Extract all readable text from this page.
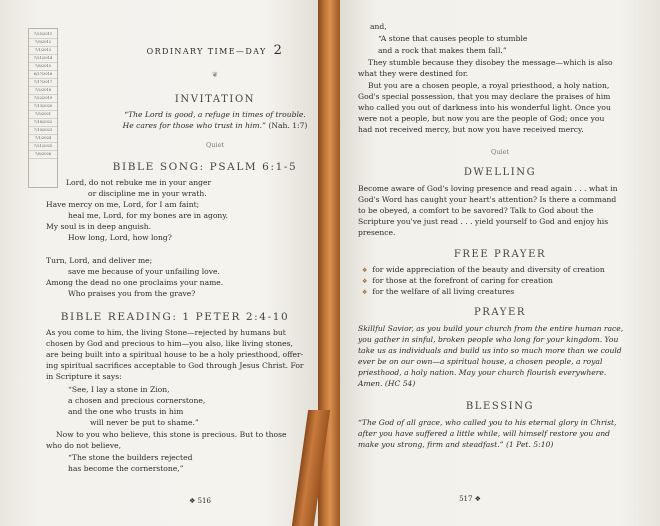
7/25/2011
7/9/2012
7/1/2013
7/21/2014
7/6/2015
6/27/2016
7/17/2017
7/2/2018
7/22/2019
7/13/2020
7/5/2021
7/18/2022
7/10/2023
7/1/2024
7/21/2025
7/6/2026
ORDINARY TIME—DAY 2
❦
INVITATION
“The Lord is good, a refuge in times of trouble.
He cares for those who trust in him.” (Nah. 1:7)
Quiet
BIBLE SONG: PSALM 6:1-5
Lord, do not rebuke me in your anger
or discipline me in your wrath.
Have mercy on me, Lord, for I am faint;
heal me, Lord, for my bones are in agony.
My soul is in deep anguish.
How long, Lord, how long?
Turn, Lord, and deliver me;
save me because of your unfailing love.
Among the dead no one proclaims your name.
Who praises you from the grave?
BIBLE READING: 1 PETER 2:4-10
As you come to him, the living Stone—rejected by humans but
chosen by God and precious to him—you also, like living stones,
are being built into a spiritual house to be a holy priesthood, offer-
ing spiritual sacrifices acceptable to God through Jesus Christ. For
in Scripture it says:
“See, I lay a stone in Zion,
a chosen and precious cornerstone,
and the one who trusts in him
will never be put to shame.”
Now to you who believe, this stone is precious. But to those
who do not believe,
“The stone the builders rejected
has become the cornerstone,”
❖ 516
and,
“A stone that causes people to stumble
and a rock that makes them fall.”
They stumble because they disobey the message—which is also
what they were destined for.
But you are a chosen people, a royal priesthood, a holy nation,
God's special possession, that you may declare the praises of him
who called you out of darkness into his wonderful light. Once you
were not a people, but now you are the people of God; once you
had not received mercy, but now you have received mercy.
Quiet
DWELLING
Become aware of God's loving presence and read again . . . what in
God's Word has caught your heart's attention? Is there a command
to be obeyed, a comfort to be savored? Talk to God about the
Scripture you've just read . . . yield yourself to God and enjoy his
presence.
FREE PRAYER
❖ for wide appreciation of the beauty and diversity of creation
❖ for those at the forefront of caring for creation
❖ for the welfare of all living creatures
PRAYER
Skillful Savior, as you build your church from the entire human race,
you gather in sinful, broken people who long for your kingdom. You
take us as individuals and build us into so much more than we could
ever be on our own—a spiritual house, a chosen people, a royal
priesthood, a holy nation. May your church flourish everywhere.
Amen. (HC 54)
BLESSING
“The God of all grace, who called you to his eternal glory in Christ,
after you have suffered a little while, will himself restore you and
make you strong, firm and steadfast.” (1 Pet. 5:10)
517 ❖
